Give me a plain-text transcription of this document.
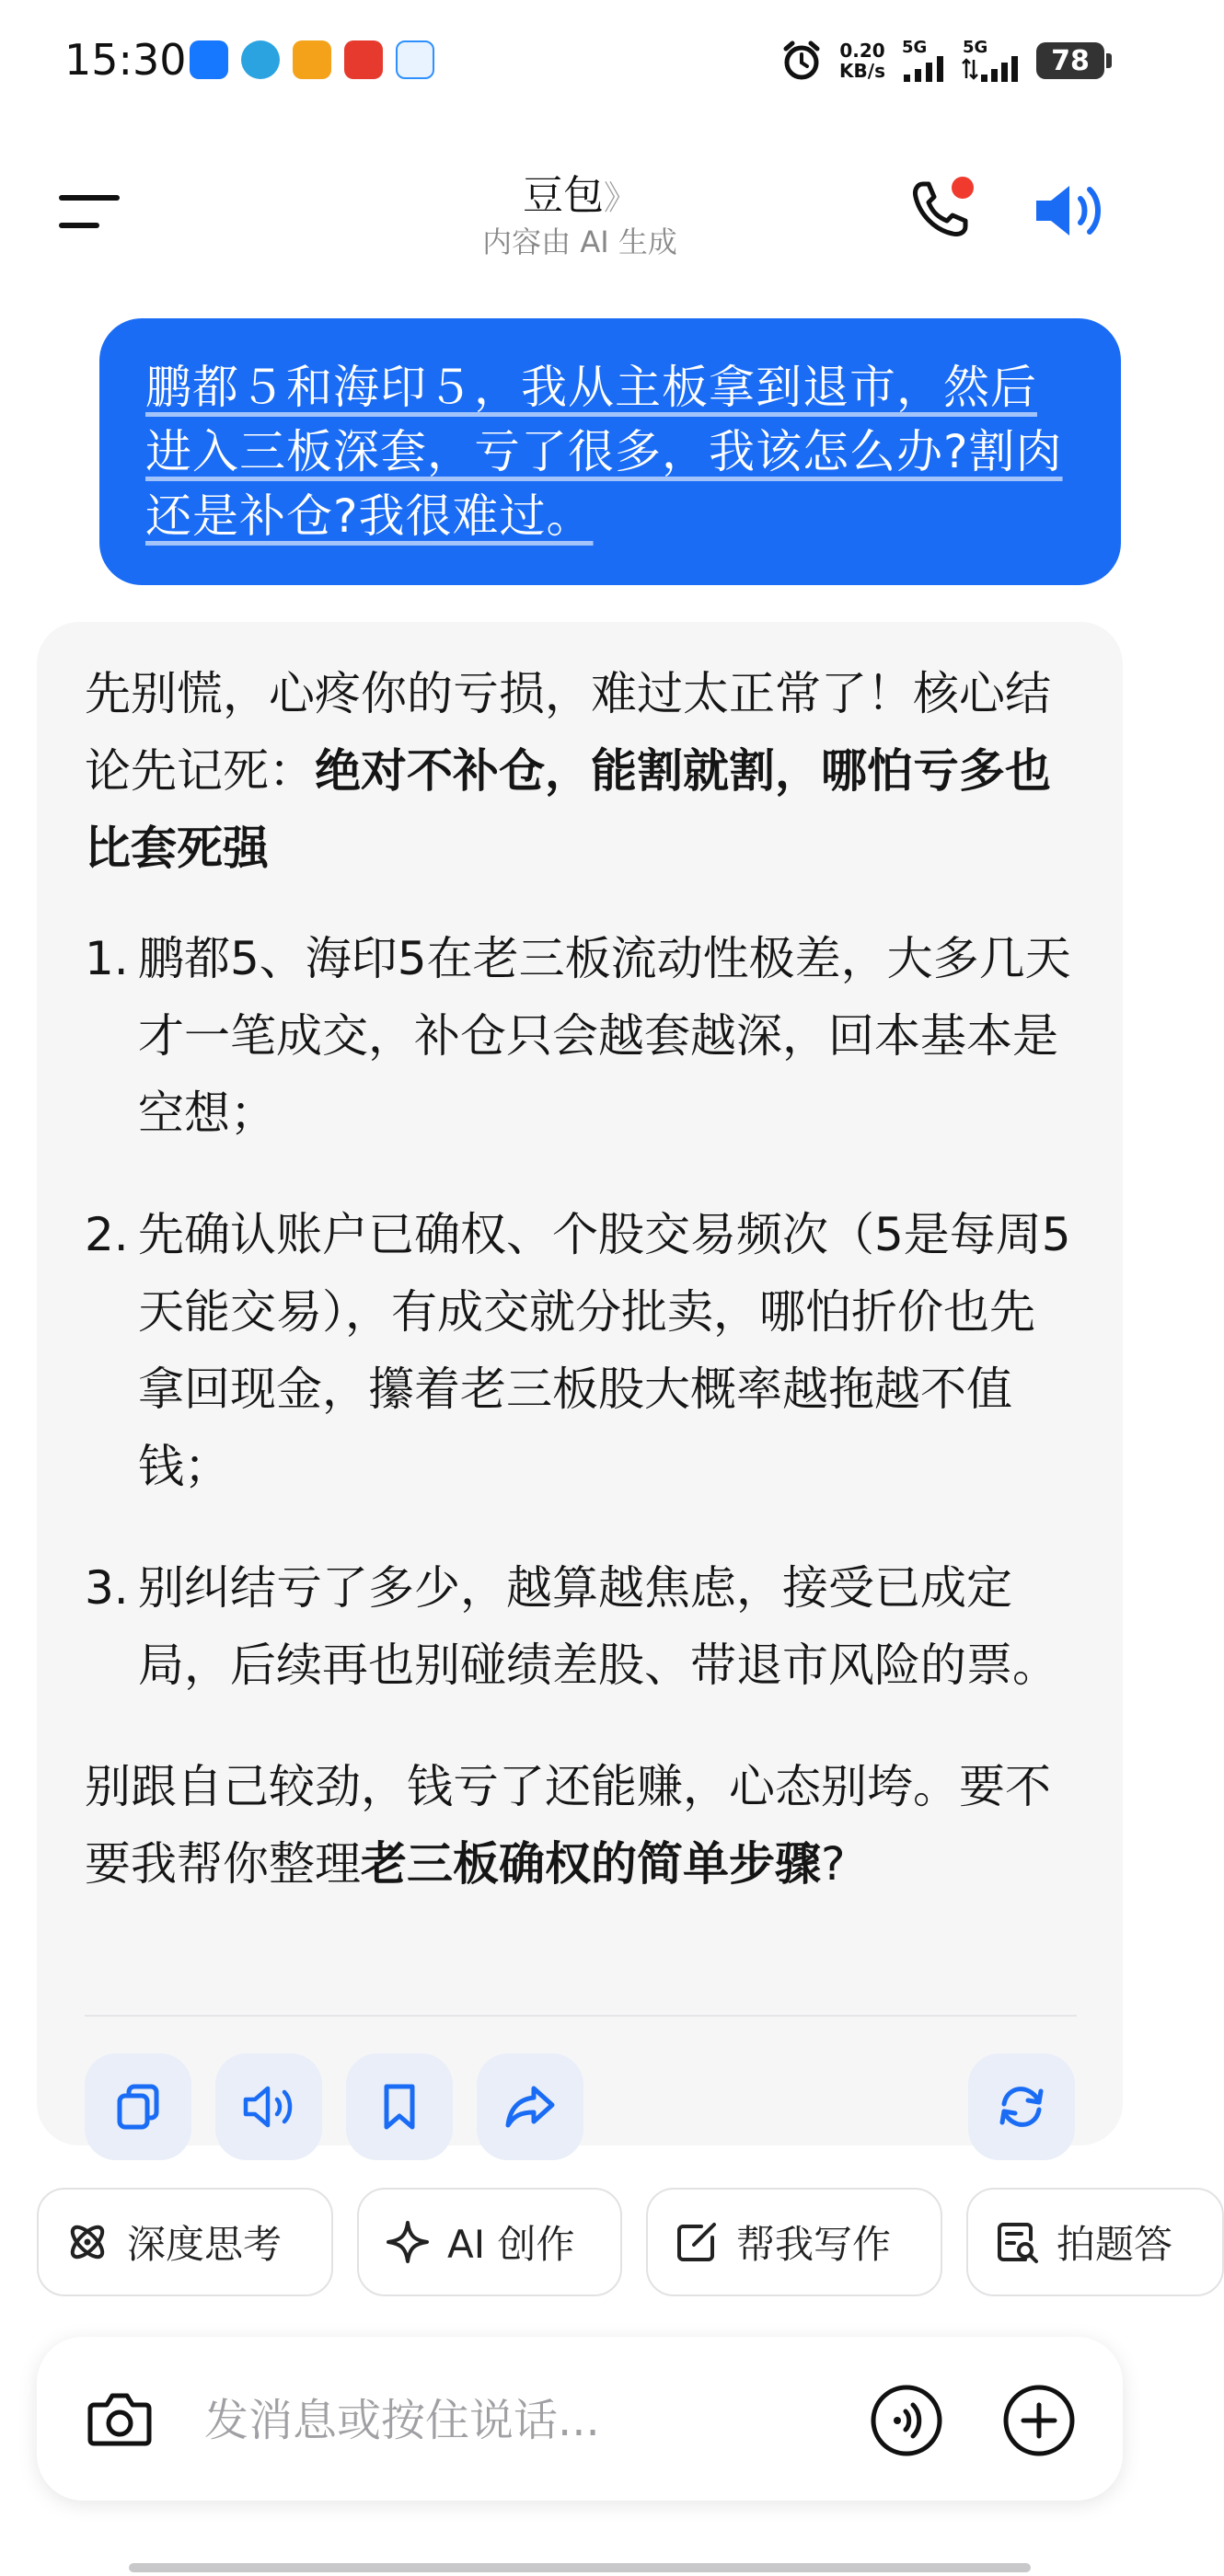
15:30	0.20
KB/s
5G 5G	78
豆包》
内容由 AI 生成
鹏都５和海印５，我从主板拿到退市，然后进入三板深套，亏了很多，我该怎么办?割肉还是补仓?我很难过。

先别慌，心疼你的亏损，难过太正常了！核心结论先记死：绝对不补仓，能割就割，哪怕亏多也比套死强

1. 鹏都5、海印5在老三板流动性极差，大多几天才一笔成交，补仓只会越套越深，回本基本是空想；
2. 先确认账户已确权、个股交易频次（5是每周5天能交易），有成交就分批卖，哪怕折价也先拿回现金，攥着老三板股大概率越拖越不值钱；
3. 别纠结亏了多少，越算越焦虑，接受已成定局，后续再也别碰绩差股、带退市风险的票。

别跟自己较劲，钱亏了还能赚，心态别垮。要不要我帮你整理老三板确权的简单步骤?

深度思考	AI 创作	帮我写作	拍题答
发消息或按住说话...
